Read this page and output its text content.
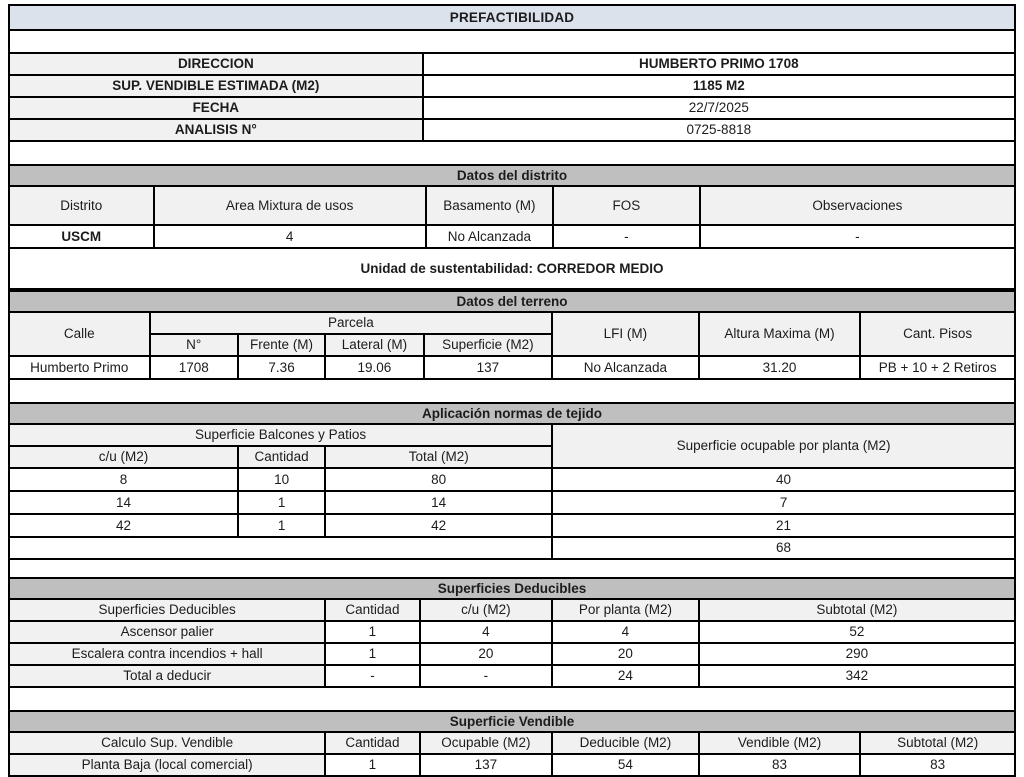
PREFACTIBILIDAD
DIRECCION	HUMBERTO PRIMO 1708
SUP. VENDIBLE ESTIMADA (M2)	1185 M2
FECHA	22/7/2025
ANALISIS N°	0725-8818
Datos del distrito				
Distrito	Area Mixtura de usos	Basamento (M)	FOS	Observaciones
USCM	4	No Alcanzada	-	-
Unidad de sustentabilidad: CORREDOR MEDIO				
Datos del terreno							
Calle	Parcela				LFI (M)	Altura Maxima (M)	Cant. Pisos
	N°	Frente (M)	Lateral (M)	Superficie (M2)			
Humberto Primo	1708	7.36	19.06	137	No Alcanzada	31.20	PB + 10 + 2 Retiros
Aplicación normas de tejido			
Superficie Balcones y Patios			Superficie ocupable por planta (M2)
c/u (M2)	Cantidad	Total (M2)	
8	10	80	40
14	1	14	7
42	1	42	21
			68
Superficies Deducibles				
Superficies Deducibles	Cantidad	c/u (M2)	Por planta (M2)	Subtotal (M2)
Ascensor palier	1	4	4	52
Escalera contra incendios + hall	1	20	20	290
Total a deducir	-	-	24	342
Superficie Vendible					
Calculo Sup. Vendible	Cantidad	Ocupable (M2)	Deducible (M2)	Vendible (M2)	Subtotal (M2)
Planta Baja (local comercial)	1	137	54	83	83
